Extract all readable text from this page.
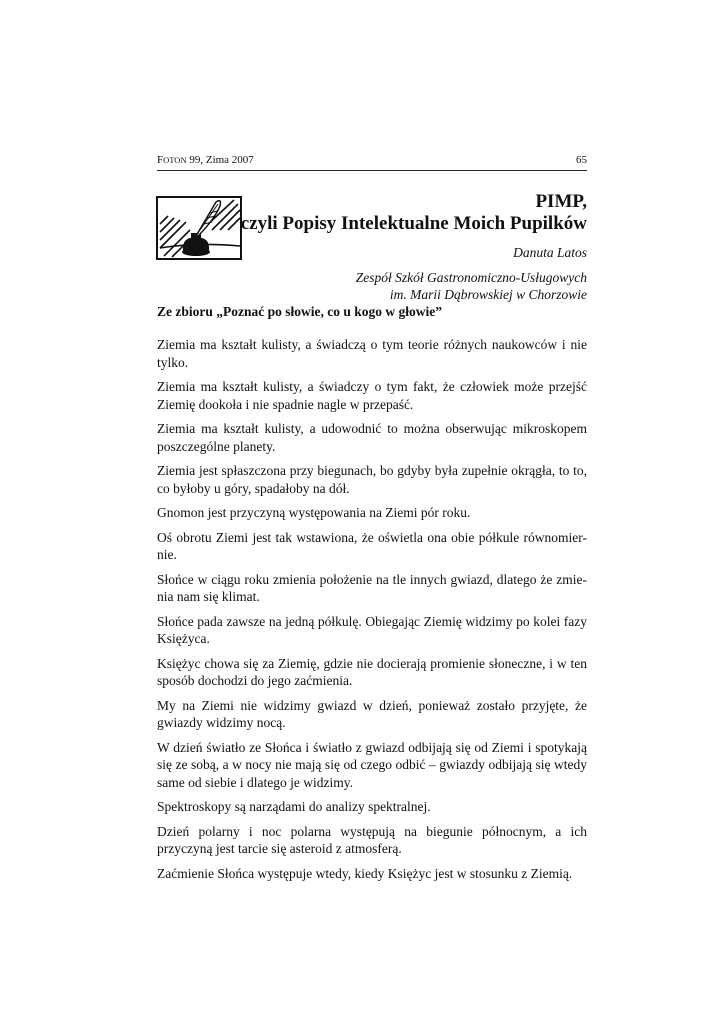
FOTON 99, Zima 2007	65
PIMP,
czyli Popisy Intelektualne Moich Pupilków
Danuta Latos
Zespół Szkół Gastronomiczno-Usługowych
im. Marii Dąbrowskiej w Chorzowie
Ze zbioru „Poznać po słowie, co u kogo w głowie”

Ziemia ma kształt kulisty, a świadczą o tym teorie różnych naukowców i nie tylko.

Ziemia ma kształt kulisty, a świadczy o tym fakt, że człowiek może przejść Ziemię dookoła i nie spadnie nagle w przepaść.

Ziemia ma kształt kulisty, a udowodnić to można obserwując mikroskopem poszczególne planety.

Ziemia jest spłaszczona przy biegunach, bo gdyby była zupełnie okrągła, to to, co byłoby u góry, spadałoby na dół.

Gnomon jest przyczyną występowania na Ziemi pór roku.

Oś obrotu Ziemi jest tak wstawiona, że oświetla ona obie półkule równomier-nie.

Słońce w ciągu roku zmienia położenie na tle innych gwiazd, dlatego że zmie-nia nam się klimat.

Słońce pada zawsze na jedną półkulę. Obiegając Ziemię widzimy po kolei fazy Księżyca.

Księżyc chowa się za Ziemię, gdzie nie docierają promienie słoneczne, i w ten sposób dochodzi do jego zaćmienia.

My na Ziemi nie widzimy gwiazd w dzień, ponieważ zostało przyjęte, że gwiazdy widzimy nocą.

W dzień światło ze Słońca i światło z gwiazd odbijają się od Ziemi i spotykają się ze sobą, a w nocy nie mają się od czego odbić – gwiazdy odbijają się wtedy same od siebie i dlatego je widzimy.

Spektroskopy są narządami do analizy spektralnej.

Dzień polarny i noc polarna występują na biegunie północnym, a ich przyczyną jest tarcie się asteroid z atmosferą.

Zaćmienie Słońca występuje wtedy, kiedy Księżyc jest w stosunku z Ziemią.
